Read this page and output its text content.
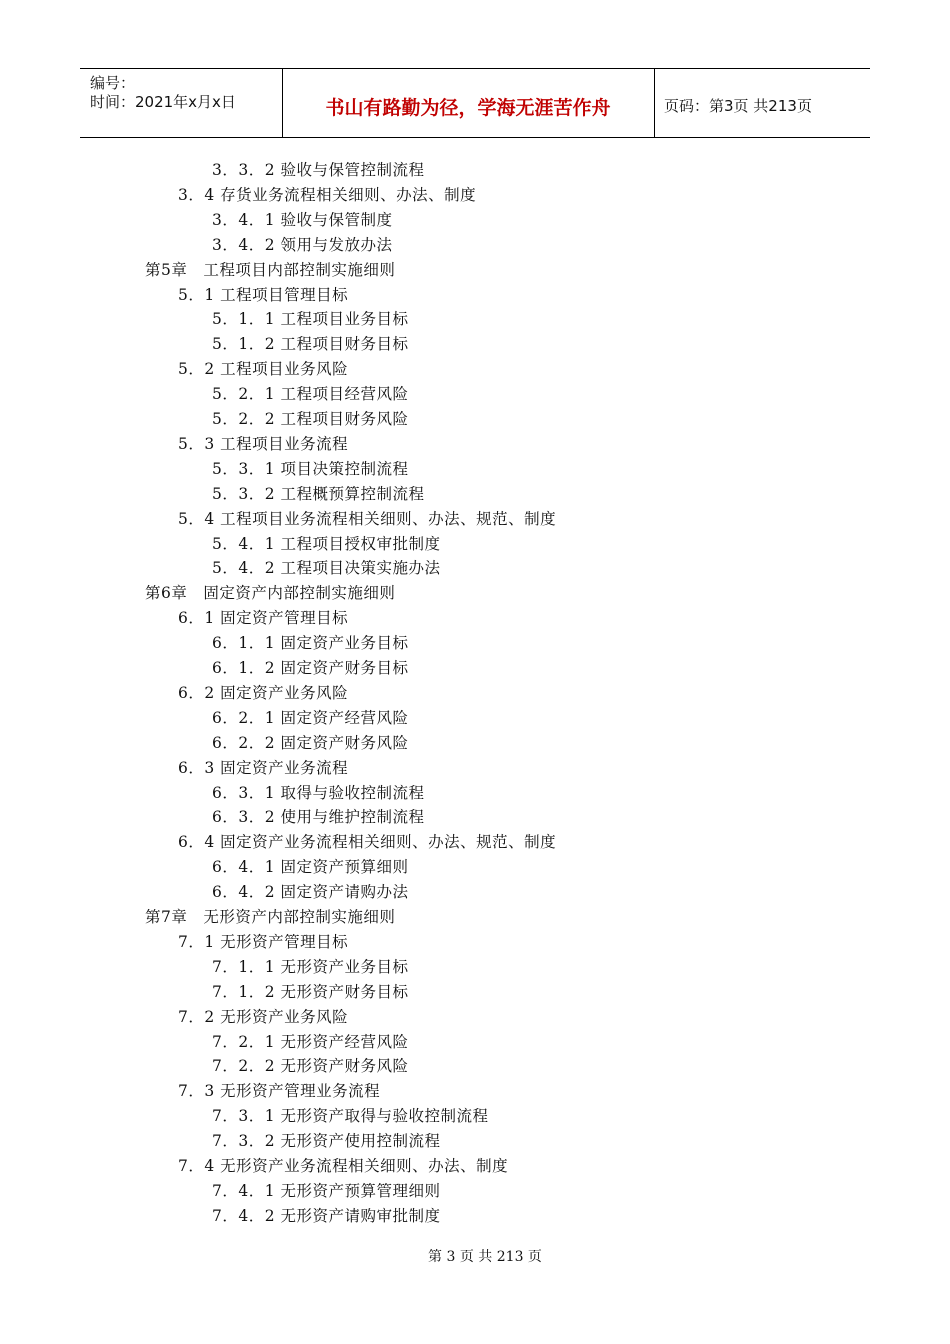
编号：
时间：2021年x月x日	书山有路勤为径，学海无涯苦作舟	页码：第3页 共213页
3．3．2 验收与保管控制流程
3．4 存货业务流程相关细则、办法、制度
3．4．1 验收与保管制度
3．4．2 领用与发放办法
第5章　工程项目内部控制实施细则
5．1 工程项目管理目标
5．1．1 工程项目业务目标
5．1．2 工程项目财务目标
5．2 工程项目业务风险
5．2．1 工程项目经营风险
5．2．2 工程项目财务风险
5．3 工程项目业务流程
5．3．1 项目决策控制流程
5．3．2 工程概预算控制流程
5．4 工程项目业务流程相关细则、办法、规范、制度
5．4．1 工程项目授权审批制度
5．4．2 工程项目决策实施办法
第6章　固定资产内部控制实施细则
6．1 固定资产管理目标
6．1．1 固定资产业务目标
6．1．2 固定资产财务目标
6．2 固定资产业务风险
6．2．1 固定资产经营风险
6．2．2 固定资产财务风险
6．3 固定资产业务流程
6．3．1 取得与验收控制流程
6．3．2 使用与维护控制流程
6．4 固定资产业务流程相关细则、办法、规范、制度
6．4．1 固定资产预算细则
6．4．2 固定资产请购办法
第7章　无形资产内部控制实施细则
7．1 无形资产管理目标
7．1．1 无形资产业务目标
7．1．2 无形资产财务目标
7．2 无形资产业务风险
7．2．1 无形资产经营风险
7．2．2 无形资产财务风险
7．3 无形资产管理业务流程
7．3．1 无形资产取得与验收控制流程
7．3．2 无形资产使用控制流程
7．4 无形资产业务流程相关细则、办法、制度
7．4．1 无形资产预算管理细则
7．4．2 无形资产请购审批制度
第 3 页 共 213 页
